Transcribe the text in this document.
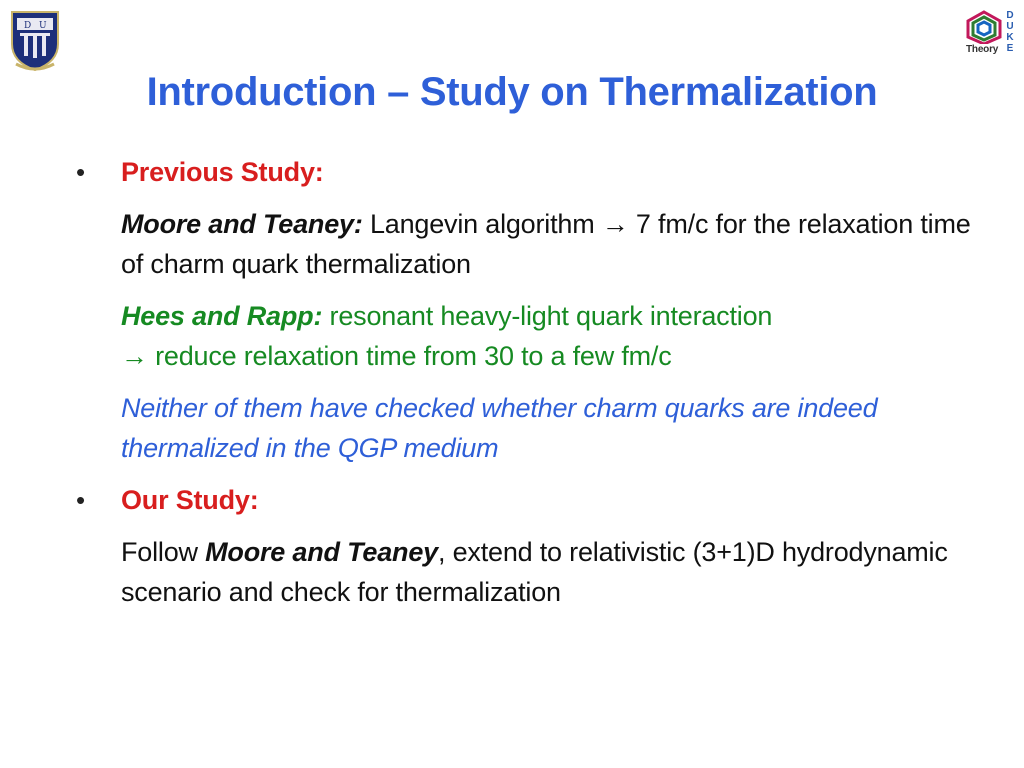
D U
Theory
D
U
K
E
Introduction – Study on Thermalization
• Previous Study:
Moore and Teaney: Langevin algorithm → 7 fm/c for the relaxation time of charm quark thermalization
Hees and Rapp: resonant heavy-light quark interaction
→ reduce relaxation time from 30 to a few fm/c
Neither of them have checked whether charm quarks are indeed thermalized in the QGP medium
• Our Study:
Follow Moore and Teaney, extend to relativistic (3+1)D hydrodynamic scenario and check for thermalization
